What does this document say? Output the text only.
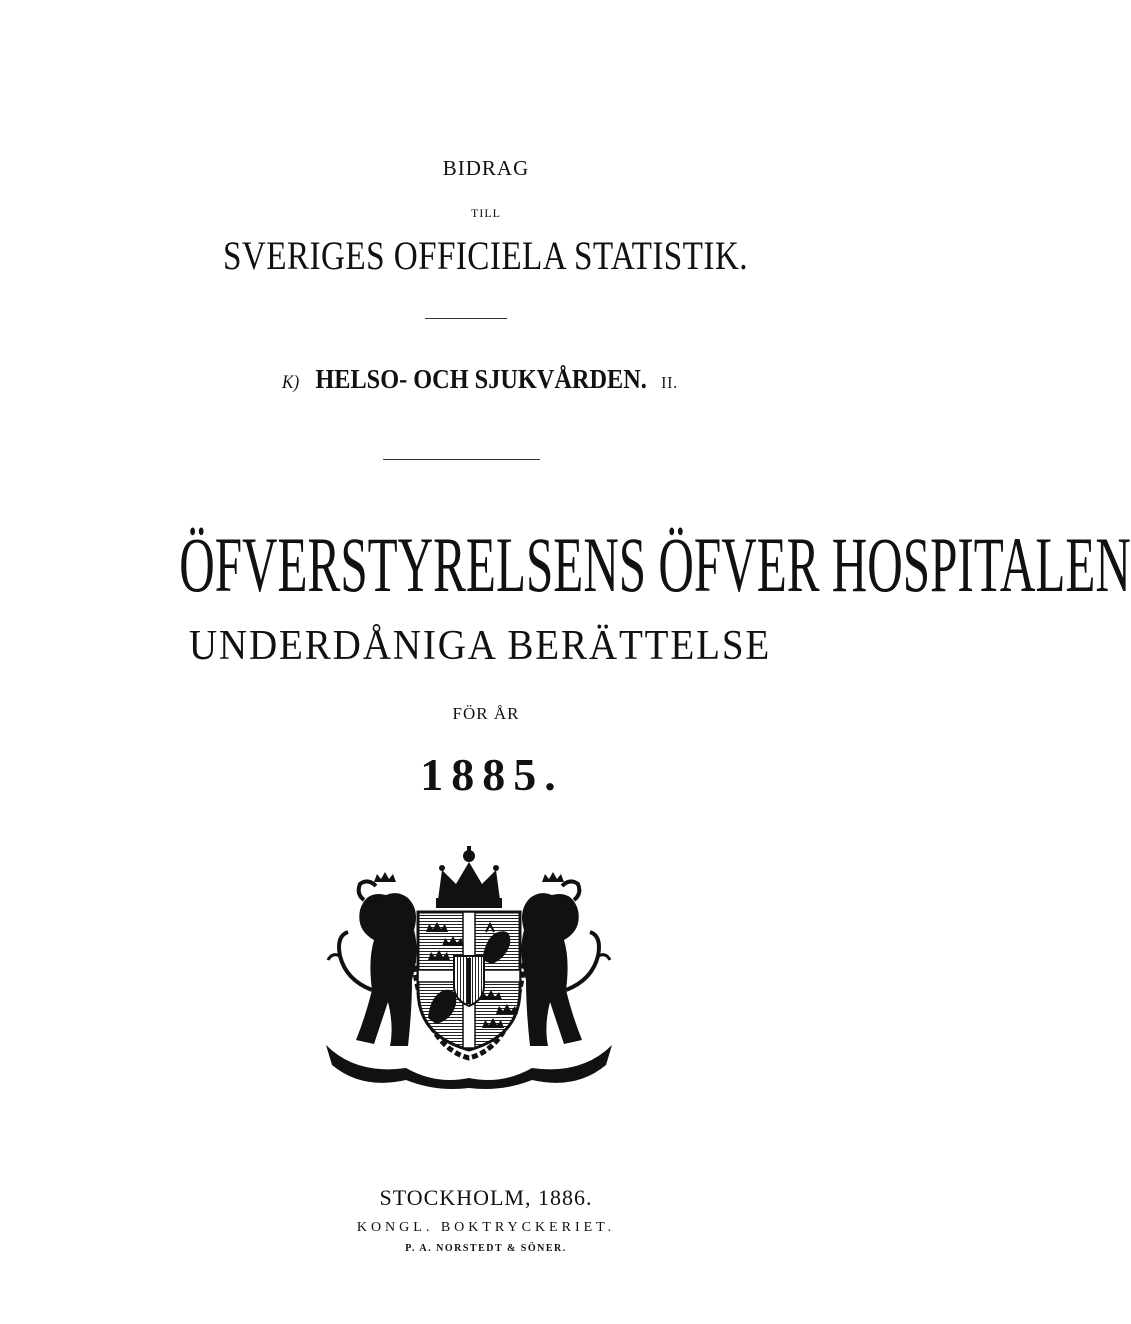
BIDRAG
TILL
SVERIGES OFFICIELA STATISTIK.
K) HELSO- OCH SJUKVÅRDEN. II.
ÖFVERSTYRELSENS ÖFVER HOSPITALEN
UNDERDÅNIGA BERÄTTELSE
FÖR ÅR
1885.
STOCKHOLM, 1886.
KONGL. BOKTRYCKERIET.
P. A. NORSTEDT & SÖNER.
